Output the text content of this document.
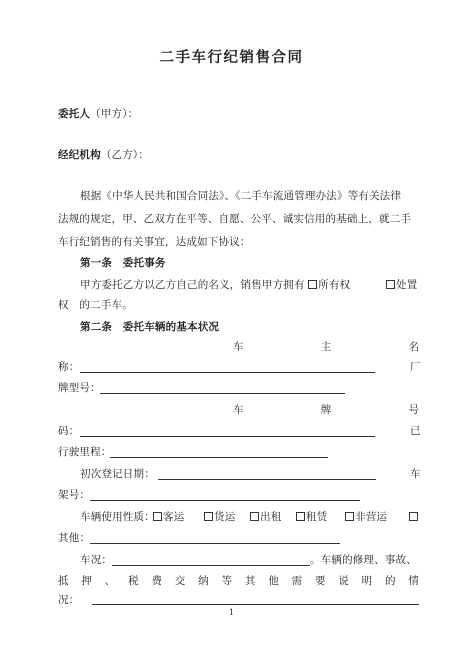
二手车行纪销售合同
委托人（甲方）：
经纪机构（乙方）：
根据《中华人民共和国合同法》、《二手车流通管理办法》等有关法律
法规的规定，甲、乙双方在平等、自愿、公平、诚实信用的基础上，就二手
车行纪销售的有关事宜，达成如下协议：
第一条　委托事务
甲方委托乙方以乙方自己的名义，销售甲方拥有 所有权	处置
权　的二手车。
第二条　委托车辆的基本状况
车	主	名
称：	厂
牌型号：
车	牌	号
码：	已
行驶里程：
初次登记日期：	车
架号：
车辆使用性质： 客运	货运	出租	租赁	非营运
其他：
车况：	。车辆的修理、事故、
抵 押 、 税 费 交 纳 等 其 他 需 要 说 明 的 情
况：
1
